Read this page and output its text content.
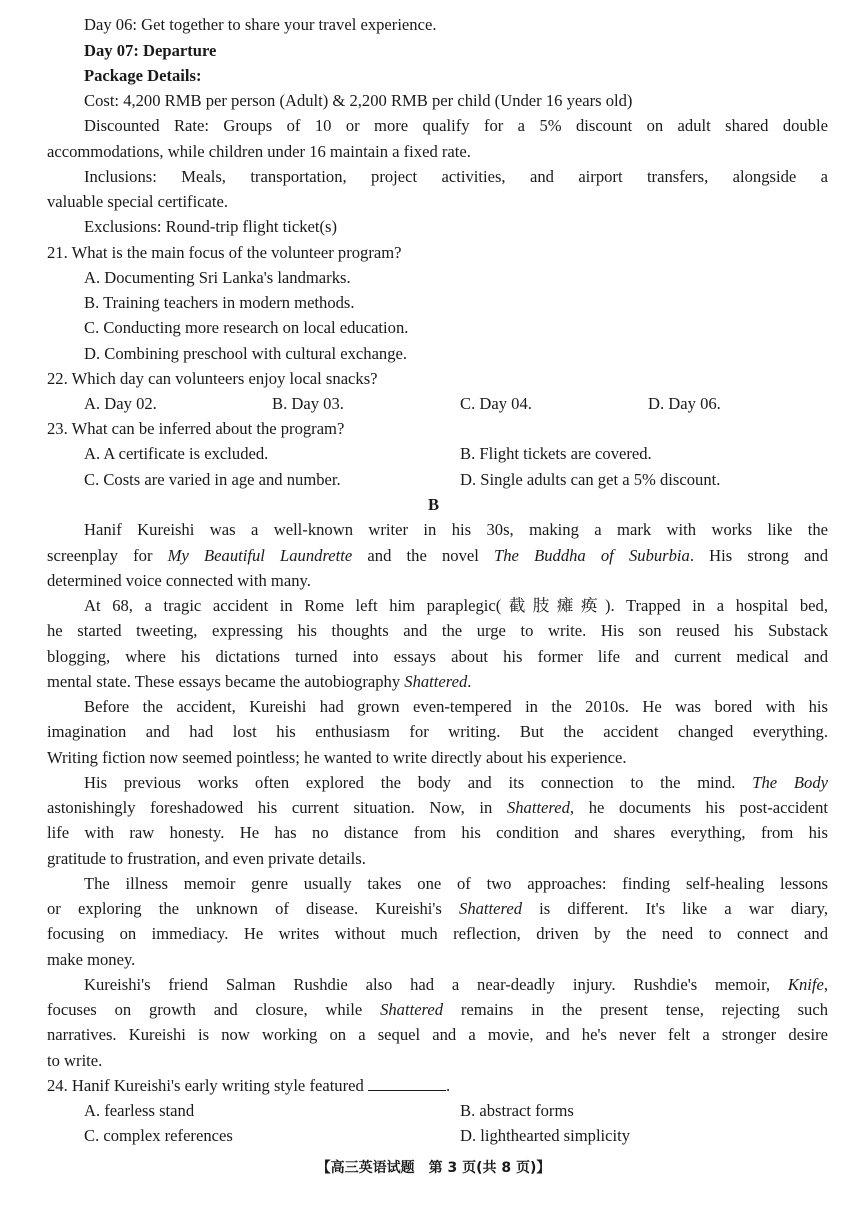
Day 06: Get together to share your travel experience.
Day 07: Departure
Package Details:
Cost: 4,200 RMB per person (Adult) & 2,200 RMB per child (Under 16 years old)
Discounted Rate: Groups of 10 or more qualify for a 5% discount on adult shared double
accommodations, while children under 16 maintain a fixed rate.
Inclusions: Meals, transportation, project activities, and airport transfers, alongside a
valuable special certificate.
Exclusions: Round-trip flight ticket(s)
21. What is the main focus of the volunteer program?
A. Documenting Sri Lanka's landmarks.
B. Training teachers in modern methods.
C. Conducting more research on local education.
D. Combining preschool with cultural exchange.
22. Which day can volunteers enjoy local snacks?
A. Day 02.	B. Day 03.	C. Day 04.	D. Day 06.
23. What can be inferred about the program?
A. A certificate is excluded.	B. Flight tickets are covered.
C. Costs are varied in age and number.	D. Single adults can get a 5% discount.
B
Hanif Kureishi was a well-known writer in his 30s, making a mark with works like the
screenplay for My Beautiful Laundrette and the novel The Buddha of Suburbia. His strong and
determined voice connected with many.
At 68, a tragic accident in Rome left him paraplegic(截肢瘫痪). Trapped in a hospital bed,
he started tweeting, expressing his thoughts and the urge to write. His son reused his Substack
blogging, where his dictations turned into essays about his former life and current medical and
mental state. These essays became the autobiography Shattered.
Before the accident, Kureishi had grown even-tempered in the 2010s. He was bored with his
imagination and had lost his enthusiasm for writing. But the accident changed everything.
Writing fiction now seemed pointless; he wanted to write directly about his experience.
His previous works often explored the body and its connection to the mind. The Body
astonishingly foreshadowed his current situation. Now, in Shattered, he documents his post-accident
life with raw honesty. He has no distance from his condition and shares everything, from his
gratitude to frustration, and even private details.
The illness memoir genre usually takes one of two approaches: finding self-healing lessons
or exploring the unknown of disease. Kureishi's Shattered is different. It's like a war diary,
focusing on immediacy. He writes without much reflection, driven by the need to connect and
make money.
Kureishi's friend Salman Rushdie also had a near-deadly injury. Rushdie's memoir, Knife,
focuses on growth and closure, while Shattered remains in the present tense, rejecting such
narratives. Kureishi is now working on a sequel and a movie, and he's never felt a stronger desire
to write.
24. Hanif Kureishi's early writing style featured	.
A. fearless stand	B. abstract forms
C. complex references	D. lighthearted simplicity
【高三英语试题　第 3 页(共 8 页)】
